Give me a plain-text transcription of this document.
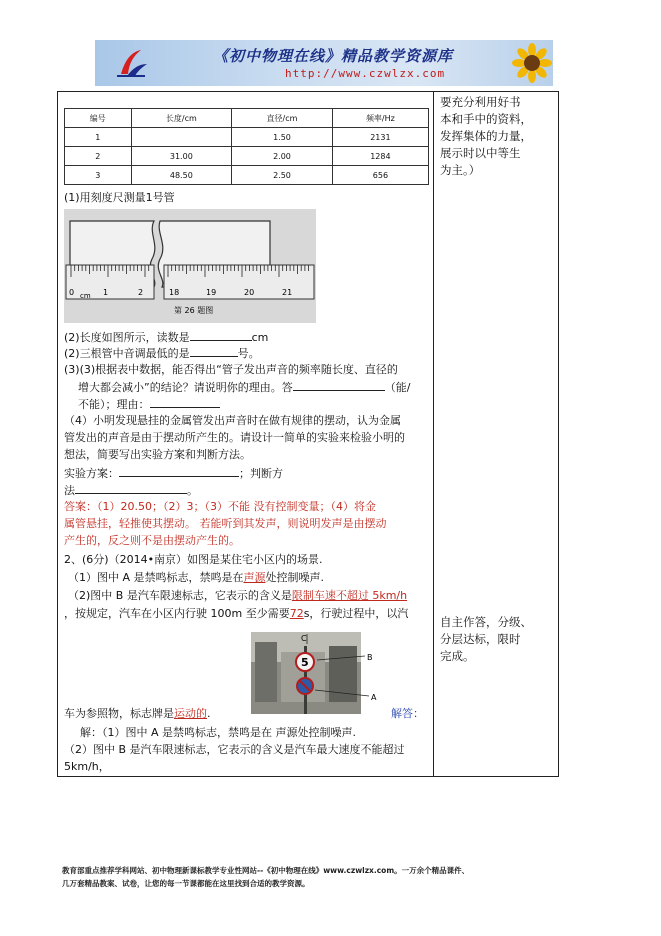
《初中物理在线》精品教学资源库
http://www.czwlzx.com
编号	长度/cm	直径/cm	频率/Hz
1		1.50	2131
2	31.00	2.00	1284
3	48.50	2.50	656
(1)用刻度尺测量1号管
0 cm 1	2	18	19	20	21
第 26 题图
(2)长度如图所示，读数是	cm
(2)三根管中音调最低的是	号。
(3)(3)根据表中数据，能否得出“管子发出声音的频率随长度、直径的
增大都会减小”的结论？请说明你的理由。答	（能/
不能）；理由：
（4）小明发现悬挂的金属管发出声音时在做有规律的摆动，认为金属
管发出的声音是由于摆动所产生的。请设计一简单的实验来检验小明的
想法，简要写出实验方案和判断方法。
实验方案：	；判断方
法	。
答案：（1）20.50；（2）3；（3）不能 没有控制变量；（4）将金
属管悬挂，轻推使其摆动。 若能听到其发声，则说明发声是由摆动
产生的，反之则不是由摆动产生的。
2、(6分)（2014•南京）如图是某住宅小区内的场景.
（1）图中 A 是禁鸣标志，禁鸣是在声源处控制噪声.
（2)图中 B 是汽车限速标志，它表示的含义是限制车速不超过 5km/h
，按规定，汽车在小区内行驶 100m 至少需要72s，行驶过程中，以汽
5
C
B
A
车为参照物，标志牌是运动的.	解答：
解：（1）图中 A 是禁鸣标志，禁鸣是在 声源处控制噪声.
（2）图中 B 是汽车限速标志，它表示的含义是汽车最大速度不能超过
5km/h，
要充分利用好书
本和手中的资料，
发挥集体的力量，
展示时以中等生
为主。）
自主作答，分级、
分层达标，限时
完成。
教育部重点推荐学科网站、初中物理新课标教学专业性网站--《初中物理在线》www.czwlzx.com。一万余个精品课件、
几万套精品教案、试卷，让您的每一节课都能在这里找到合适的教学资源。
